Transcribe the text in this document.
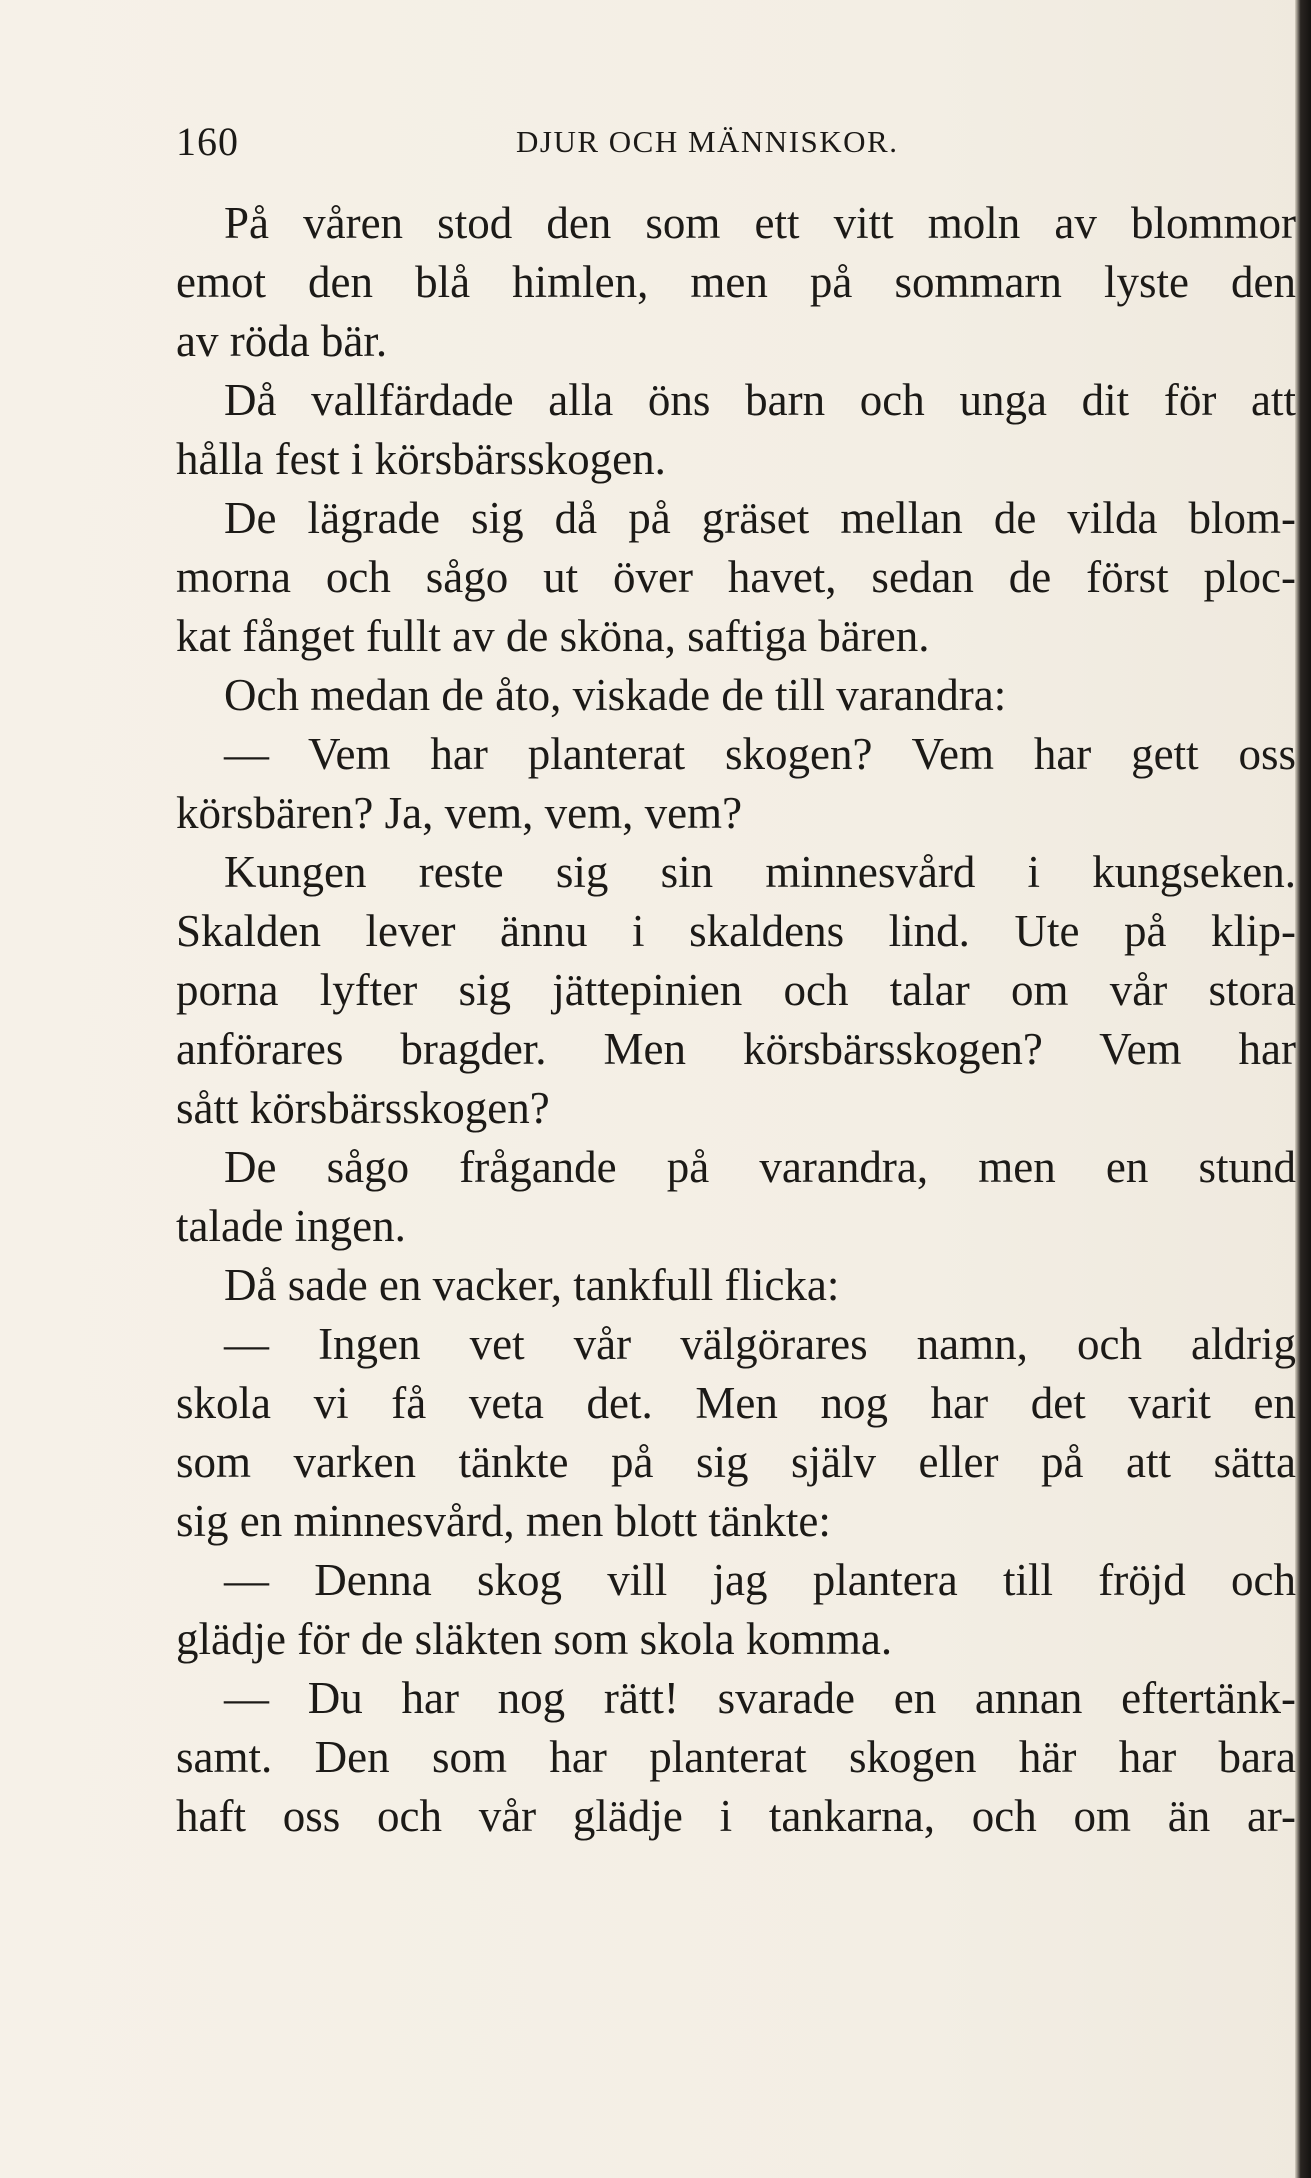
160	DJUR OCH MÄNNISKOR.
På våren stod den som ett vitt moln av blommor
emot den blå himlen, men på sommarn lyste den
av röda bär.
Då vallfärdade alla öns barn och unga dit för att
hålla fest i körsbärsskogen.
De lägrade sig då på gräset mellan de vilda blom-
morna och sågo ut över havet, sedan de först ploc-
kat fånget fullt av de sköna, saftiga bären.
Och medan de åto, viskade de till varandra:
— Vem har planterat skogen? Vem har gett oss
körsbären? Ja, vem, vem, vem?
Kungen reste sig sin minnesvård i kungseken.
Skalden lever ännu i skaldens lind. Ute på klip-
porna lyfter sig jättepinien och talar om vår stora
anförares bragder. Men körsbärsskogen? Vem har
sått körsbärsskogen?
De sågo frågande på varandra, men en stund
talade ingen.
Då sade en vacker, tankfull flicka:
— Ingen vet vår välgörares namn, och aldrig
skola vi få veta det. Men nog har det varit en
som varken tänkte på sig själv eller på att sätta
sig en minnesvård, men blott tänkte:
— Denna skog vill jag plantera till fröjd och
glädje för de släkten som skola komma.
— Du har nog rätt! svarade en annan eftertänk-
samt. Den som har planterat skogen här har bara
haft oss och vår glädje i tankarna, och om än ar-
